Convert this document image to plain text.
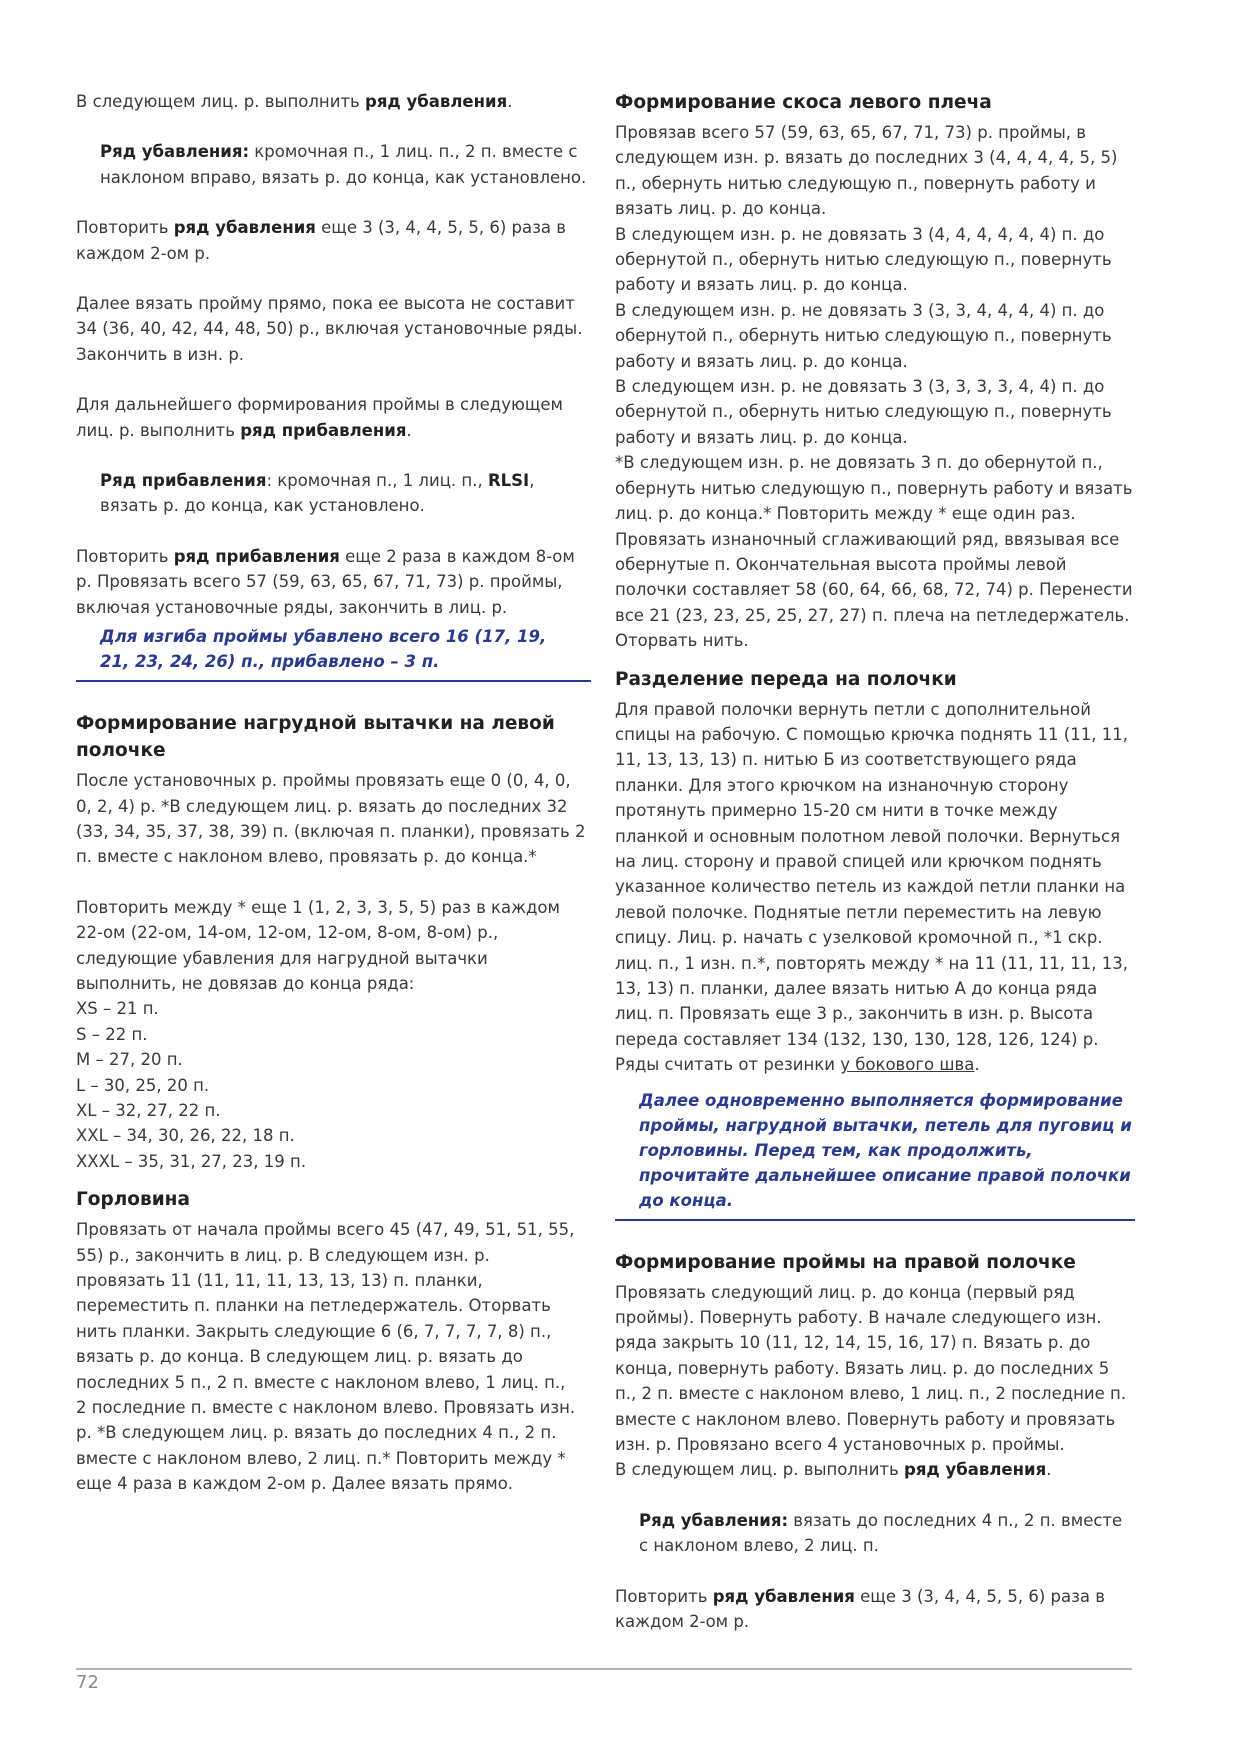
В следующем лиц. р. выполнить ряд убавления.

Ряд убавления: кромочная п., 1 лиц. п., 2 п. вместе с наклоном вправо, вязать р. до конца, как установлено.

Повторить ряд убавления еще 3 (3, 4, 4, 5, 5, 6) раза в каждом 2-ом р.

Далее вязать пройму прямо, пока ее высота не составит 34 (36, 40, 42, 44, 48, 50) р., включая установочные ряды. Закончить в изн. р.

Для дальнейшего формирования проймы в следующем лиц. р. выполнить ряд прибавления.

Ряд прибавления: кромочная п., 1 лиц. п., RLSI, вязать р. до конца, как установлено.

Повторить ряд прибавления еще 2 раза в каждом 8-ом р. Провязать всего 57 (59, 63, 65, 67, 71, 73) р. проймы, включая установочные ряды, закончить в лиц. р.

Для изгиба проймы убавлено всего 16 (17, 19, 21, 23, 24, 26) п., прибавлено – 3 п.

Формирование нагрудной вытачки на левой полочке

После установочных р. проймы провязать еще 0 (0, 4, 0, 0, 2, 4) р. *В следующем лиц. р. вязать до последних 32 (33, 34, 35, 37, 38, 39) п. (включая п. планки), провязать 2 п. вместе с наклоном влево, провязать р. до конца.*

Повторить между * еще 1 (1, 2, 3, 3, 5, 5) раз в каждом 22-ом (22-ом, 14-ом, 12-ом, 12-ом, 8-ом, 8-ом) р., следующие убавления для нагрудной вытачки выполнить, не довязав до конца ряда:

XS – 21 п.
S – 22 п.
M – 27, 20 п.
L – 30, 25, 20 п.
XL – 32, 27, 22 п.
XXL – 34, 30, 26, 22, 18 п.
XXXL – 35, 31, 27, 23, 19 п.
Горловина

Провязать от начала проймы всего 45 (47, 49, 51, 51, 55, 55) р., закончить в лиц. р. В следующем изн. р. провязать 11 (11, 11, 11, 13, 13, 13) п. планки, переместить п. планки на петледержатель. Оторвать нить планки. Закрыть следующие 6 (6, 7, 7, 7, 7, 8) п., вязать р. до конца. В следующем лиц. р. вязать до последних 5 п., 2 п. вместе с наклоном влево, 1 лиц. п., 2 последние п. вместе с наклоном влево. Провязать изн. р. *В следующем лиц. р. вязать до последних 4 п., 2 п. вместе с наклоном влево, 2 лиц. п.* Повторить между * еще 4 раза в каждом 2-ом р. Далее вязать прямо.

Формирование скоса левого плеча

Провязав всего 57 (59, 63, 65, 67, 71, 73) р. проймы, в следующем изн. р. вязать до последних 3 (4, 4, 4, 4, 5, 5) п., обернуть нитью следующую п., повернуть работу и вязать лиц. р. до конца.

В следующем изн. р. не довязать 3 (4, 4, 4, 4, 4, 4) п. до обернутой п., обернуть нитью следующую п., повернуть работу и вязать лиц. р. до конца.

В следующем изн. р. не довязать 3 (3, 3, 4, 4, 4, 4) п. до обернутой п., обернуть нитью следующую п., повернуть работу и вязать лиц. р. до конца.

В следующем изн. р. не довязать 3 (3, 3, 3, 3, 4, 4) п. до обернутой п., обернуть нитью следующую п., повернуть работу и вязать лиц. р. до конца.

*В следующем изн. р. не довязать 3 п. до обернутой п., обернуть нитью следующую п., повернуть работу и вязать лиц. р. до конца.* Повторить между * еще один раз.

Провязать изнаночный сглаживающий ряд, ввязывая все обернутые п. Окончательная высота проймы левой полочки составляет 58 (60, 64, 66, 68, 72, 74) р. Перенести все 21 (23, 23, 25, 25, 27, 27) п. плеча на петледержатель. Оторвать нить.

Разделение переда на полочки

Для правой полочки вернуть петли с дополнительной спицы на рабочую. С помощью крючка поднять 11 (11, 11, 11, 13, 13, 13) п. нитью Б из соответствующего ряда планки. Для этого крючком на изнаночную сторону протянуть примерно 15-20 см нити в точке между планкой и основным полотном левой полочки. Вернуться на лиц. сторону и правой спицей или крючком поднять указанное количество петель из каждой петли планки на левой полочке. Поднятые петли переместить на левую спицу. Лиц. р. начать с узелковой кромочной п., *1 скр. лиц. п., 1 изн. п.*, повторять между * на 11 (11, 11, 11, 13, 13, 13) п. планки, далее вязать нитью А до конца ряда лиц. п. Провязать еще 3 р., закончить в изн. р. Высота переда составляет 134 (132, 130, 130, 128, 126, 124) р. Ряды считать от резинки у бокового шва.

Далее одновременно выполняется формирование проймы, нагрудной вытачки, петель для пуговиц и горловины. Перед тем, как продолжить, прочитайте дальнейшее описание правой полочки до конца.

Формирование проймы на правой полочке

Провязать следующий лиц. р. до конца (первый ряд проймы). Повернуть работу. В начале следующего изн. ряда закрыть 10 (11, 12, 14, 15, 16, 17) п. Вязать р. до конца, повернуть работу. Вязать лиц. р. до последних 5 п., 2 п. вместе с наклоном влево, 1 лиц. п., 2 последние п. вместе с наклоном влево. Повернуть работу и провязать изн. р. Провязано всего 4 установочных р. проймы.

В следующем лиц. р. выполнить ряд убавления.

Ряд убавления: вязать до последних 4 п., 2 п. вместе с наклоном влево, 2 лиц. п.

Повторить ряд убавления еще 3 (3, 4, 4, 5, 5, 6) раза в каждом 2-ом р.

72
